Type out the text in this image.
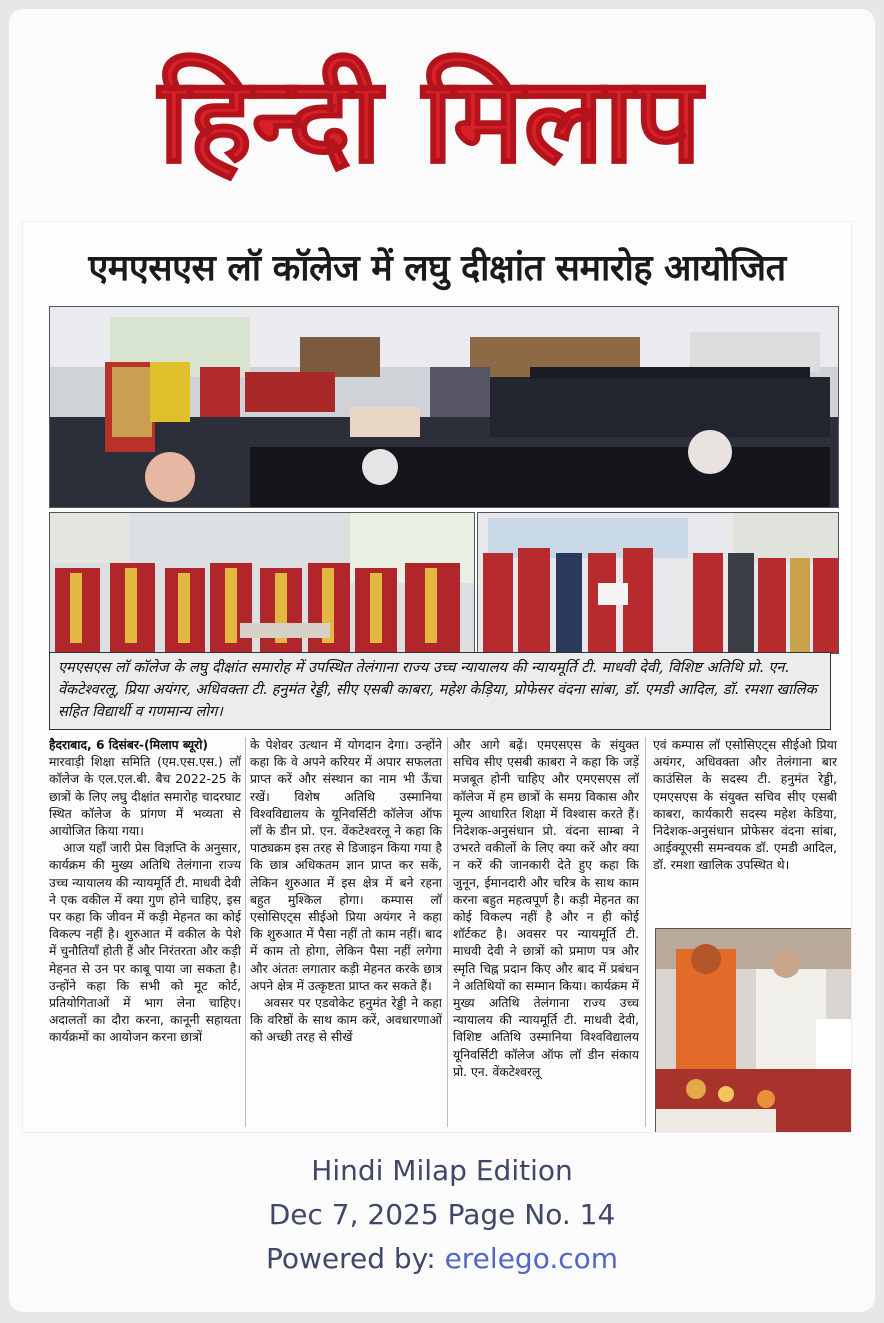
हिन्दी मिलाप
एमएसएस लॉ कॉलेज में लघु दीक्षांत समारोह आयोजित
एमएसएस लॉ कॉलेज के लघु दीक्षांत समारोह में उपस्थित तेलंगाना राज्य उच्च न्यायालय की न्यायमूर्ति टी. माधवी देवी, विशिष्ट अतिथि प्रो. एन. वेंकटेश्वरलू, प्रिया अयंगर, अधिवक्ता टी. हनुमंत रेड्डी, सीए एसबी काबरा, महेश केड़िया, प्रोफेसर वंदना सांबा, डॉ. एमडी आदिल, डॉ. रमशा खालिक सहित विद्यार्थी व गणमान्य लोग।

हैदराबाद, 6 दिसंबर-(मिलाप ब्यूरो)

मारवाड़ी शिक्षा समिति (एम.एस.एस.) लॉ कॉलेज के एल.एल.बी. बैच 2022-25 के छात्रों के लिए लघु दीक्षांत समारोह चादरघाट स्थित कॉलेज के प्रांगण में भव्यता से आयोजित किया गया।

आज यहाँ जारी प्रेस विज्ञप्ति के अनुसार, कार्यक्रम की मुख्य अतिथि तेलंगाना राज्य उच्च न्यायालय की न्यायमूर्ति टी. माधवी देवी ने एक वकील में क्या गुण होने चाहिए, इस पर कहा कि जीवन में कड़ी मेहनत का कोई विकल्प नहीं है। शुरुआत में वकील के पेशे में चुनौतियाँ होती हैं और निरंतरता और कड़ी मेहनत से उन पर काबू पाया जा सकता है। उन्होंने कहा कि सभी को मूट कोर्ट, प्रतियोगिताओं में भाग लेना चाहिए। अदालतों का दौरा करना, कानूनी सहायता कार्यक्रमों का आयोजन करना छात्रों

के पेशेवर उत्थान में योगदान देगा। उन्होंने कहा कि वे अपने करियर में अपार सफलता प्राप्त करें और संस्थान का नाम भी ऊँचा रखें। विशेष अतिथि उस्मानिया विश्वविद्यालय के यूनिवर्सिटी कॉलेज ऑफ लॉ के डीन प्रो. एन. वेंकटेश्वरलू ने कहा कि पाठ्यक्रम इस तरह से डिजाइन किया गया है कि छात्र अधिकतम ज्ञान प्राप्त कर सकें, लेकिन शुरुआत में इस क्षेत्र में बने रहना बहुत मुश्किल होगा। कम्पास लॉ एसोसिएट्स सीईओ प्रिया अयंगर ने कहा कि शुरुआत में पैसा नहीं तो काम नहीं। बाद में काम तो होगा, लेकिन पैसा नहीं लगेगा और अंततः लगातार कड़ी मेहनत करके छात्र अपने क्षेत्र में उत्कृष्टता प्राप्त कर सकते हैं।

अवसर पर एडवोकेट हनुमंत रेड्डी ने कहा कि वरिष्ठों के साथ काम करें, अवधारणाओं को अच्छी तरह से सीखें

और आगे बढ़ें। एमएसएस के संयुक्त सचिव सीए एसबी काबरा ने कहा कि जड़ें मजबूत होनी चाहिए और एमएसएस लॉ कॉलेज में हम छात्रों के समग्र विकास और मूल्य आधारित शिक्षा में विश्वास करते हैं। निदेशक-अनुसंधान प्रो. वंदना साम्बा ने उभरते वकीलों के लिए क्या करें और क्या न करें की जानकारी देते हुए कहा कि जुनून, ईमानदारी और चरित्र के साथ काम करना बहुत महत्वपूर्ण है। कड़ी मेहनत का कोई विकल्प नहीं है और न ही कोई शॉर्टकट है। अवसर पर न्यायमूर्ति टी. माधवी देवी ने छात्रों को प्रमाण पत्र और स्मृति चिह्न प्रदान किए और बाद में प्रबंधन ने अतिथियों का सम्मान किया। कार्यक्रम में मुख्य अतिथि तेलंगाना राज्य उच्च न्यायालय की न्यायमूर्ति टी. माधवी देवी, विशिष्ट अतिथि उस्मानिया विश्वविद्यालय यूनिवर्सिटी कॉलेज ऑफ लॉ डीन संकाय प्रो. एन. वेंकटेश्वरलू

एवं कम्पास लॉ एसोसिएट्स सीईओ प्रिया अयंगर, अधिवक्ता और तेलंगाना बार काउंसिल के सदस्य टी. हनुमंत रेड्डी, एमएसएस के संयुक्त सचिव सीए एसबी काबरा, कार्यकारी सदस्य महेश केडिया, निदेशक-अनुसंधान प्रोफेसर वंदना सांबा, आईक्यूएसी समन्वयक डॉ. एमडी आदिल, डॉ. रमशा खालिक उपस्थित थे।

Hindi Milap Edition
Dec 7, 2025 Page No. 14
Powered by: erelego.com
